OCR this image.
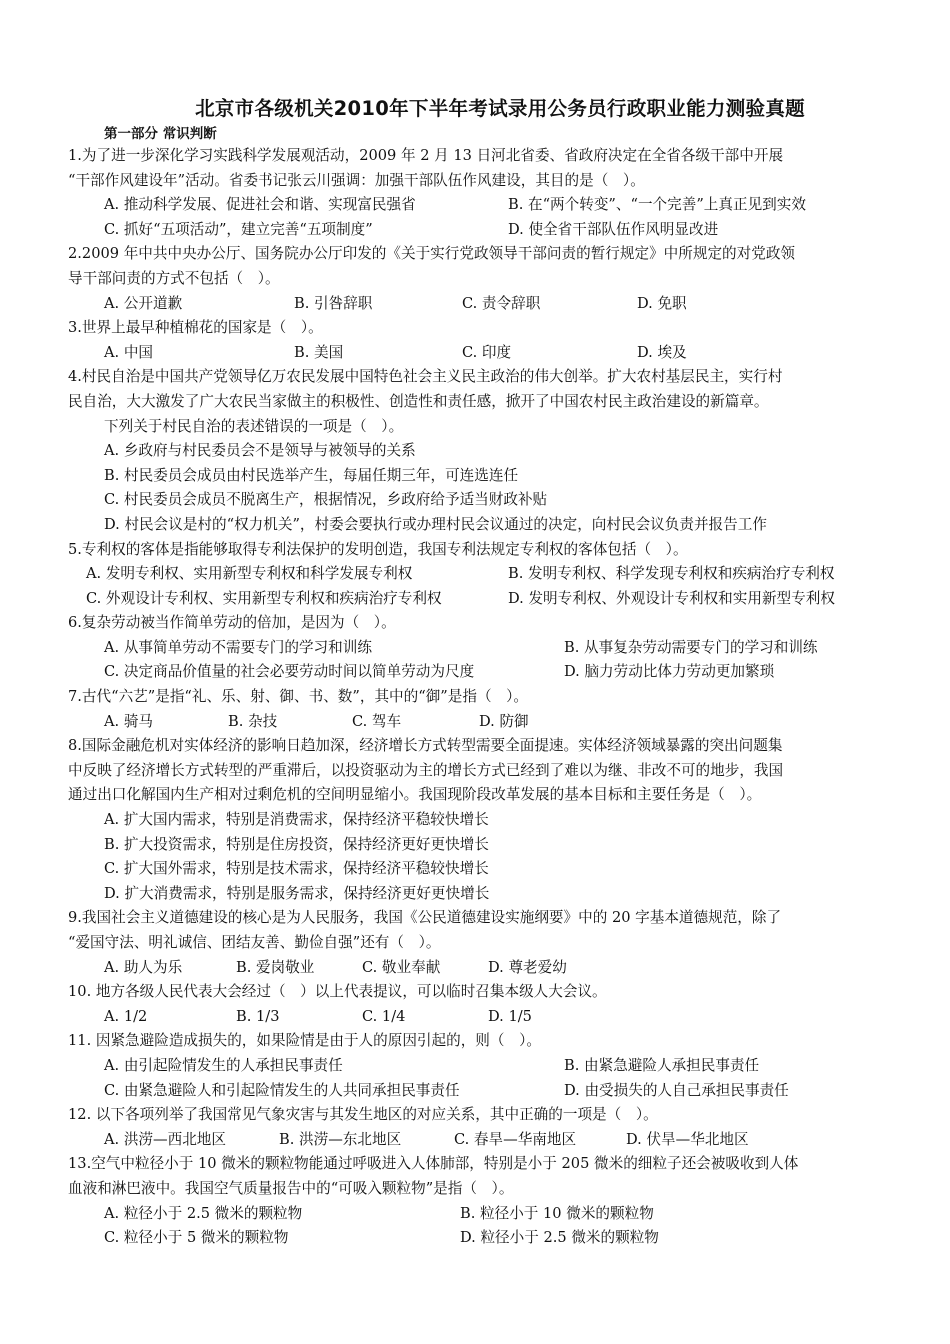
北京市各级机关2010年下半年考试录用公务员行政职业能力测验真题
第一部分 常识判断
1.为了进一步深化学习实践科学发展观活动，2009 年 2 月 13 日河北省委、省政府决定在全省各级干部中开展
“干部作风建设年”活动。省委书记张云川强调：加强干部队伍作风建设，其目的是（　）。
A. 推动科学发展、促进社会和谐、实现富民强省	B. 在“两个转变”、“一个完善”上真正见到实效
C. 抓好“五项活动”，建立完善“五项制度”	D. 使全省干部队伍作风明显改进
2.2009 年中共中央办公厅、国务院办公厅印发的《关于实行党政领导干部问责的暂行规定》中所规定的对党政领
导干部问责的方式不包括（　）。
A. 公开道歉	B. 引咎辞职	C. 责令辞职	D. 免职
3.世界上最早种植棉花的国家是（　）。
A. 中国	B. 美国	C. 印度	D. 埃及
4.村民自治是中国共产党领导亿万农民发展中国特色社会主义民主政治的伟大创举。扩大农村基层民主，实行村
民自治，大大激发了广大农民当家做主的积极性、创造性和责任感，掀开了中国农村民主政治建设的新篇章。
下列关于村民自治的表述错误的一项是（　）。
A. 乡政府与村民委员会不是领导与被领导的关系
B. 村民委员会成员由村民选举产生，每届任期三年，可连选连任
C. 村民委员会成员不脱离生产，根据情况，乡政府给予适当财政补贴
D. 村民会议是村的“权力机关”，村委会要执行或办理村民会议通过的决定，向村民会议负责并报告工作
5.专利权的客体是指能够取得专利法保护的发明创造，我国专利法规定专利权的客体包括（　）。
A. 发明专利权、实用新型专利权和科学发展专利权	B. 发明专利权、科学发现专利权和疾病治疗专利权
C. 外观设计专利权、实用新型专利权和疾病治疗专利权	D. 发明专利权、外观设计专利权和实用新型专利权
6.复杂劳动被当作简单劳动的倍加，是因为（　）。
A. 从事简单劳动不需要专门的学习和训练	B. 从事复杂劳动需要专门的学习和训练
C. 决定商品价值量的社会必要劳动时间以简单劳动为尺度	D. 脑力劳动比体力劳动更加繁琐
7.古代“六艺”是指“礼、乐、射、御、书、数”，其中的“御”是指（　）。
A. 骑马	B. 杂技	C. 驾车	D. 防御
8.国际金融危机对实体经济的影响日趋加深，经济增长方式转型需要全面提速。实体经济领域暴露的突出问题集
中反映了经济增长方式转型的严重滞后，以投资驱动为主的增长方式已经到了难以为继、非改不可的地步，我国
通过出口化解国内生产相对过剩危机的空间明显缩小。我国现阶段改革发展的基本目标和主要任务是（　）。
A. 扩大国内需求，特别是消费需求，保持经济平稳较快增长
B. 扩大投资需求，特别是住房投资，保持经济更好更快增长
C. 扩大国外需求，特别是技术需求，保持经济平稳较快增长
D. 扩大消费需求，特别是服务需求，保持经济更好更快增长
9.我国社会主义道德建设的核心是为人民服务，我国《公民道德建设实施纲要》中的 20 字基本道德规范，除了
“爱国守法、明礼诚信、团结友善、勤俭自强”还有（　）。
A. 助人为乐	B. 爱岗敬业	C. 敬业奉献	D. 尊老爱幼
10. 地方各级人民代表大会经过（　）以上代表提议，可以临时召集本级人大会议。
A. 1/2	B. 1/3	C. 1/4	D. 1/5
11. 因紧急避险造成损失的，如果险情是由于人的原因引起的，则（　）。
A. 由引起险情发生的人承担民事责任	B. 由紧急避险人承担民事责任
C. 由紧急避险人和引起险情发生的人共同承担民事责任	D. 由受损失的人自己承担民事责任
12. 以下各项列举了我国常见气象灾害与其发生地区的对应关系，其中正确的一项是（　）。
A. 洪涝—西北地区	B. 洪涝—东北地区	C. 春旱—华南地区	D. 伏旱—华北地区
13.空气中粒径小于 10 微米的颗粒物能通过呼吸进入人体肺部，特别是小于 205 微米的细粒子还会被吸收到人体
血液和淋巴液中。我国空气质量报告中的“可吸入颗粒物”是指（　）。
A. 粒径小于 2.5 微米的颗粒物	B. 粒径小于 10 微米的颗粒物
C. 粒径小于 5 微米的颗粒物	D. 粒径小于 2.5 微米的颗粒物
